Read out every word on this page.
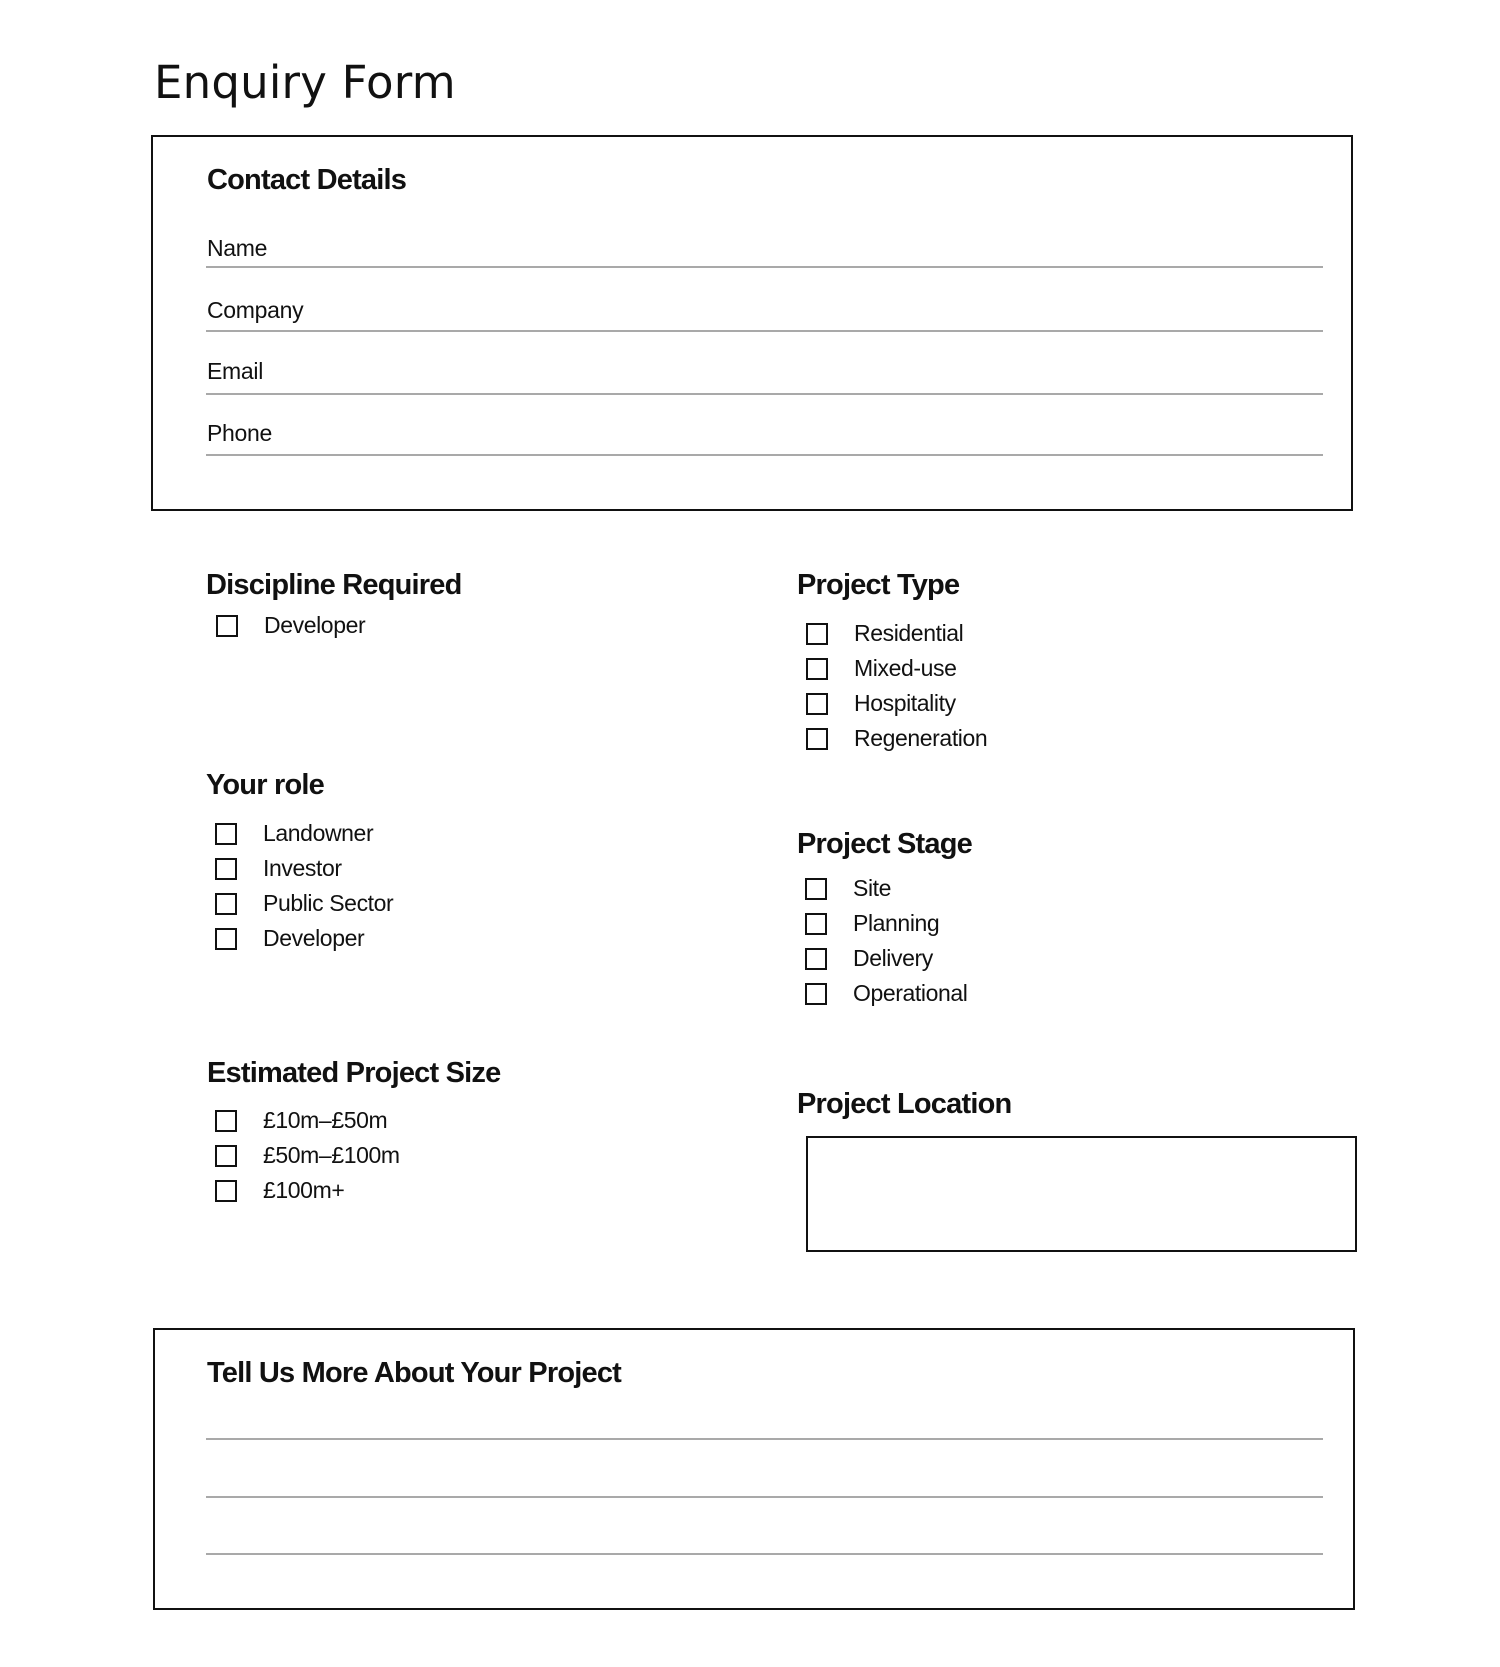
Enquiry Form
Contact Details
Name
Company
Email
Phone
Discipline Required
Developer
Your role
Landowner
Investor
Public Sector
Developer
Estimated Project Size
£10m–£50m
£50m–£100m
£100m+
Project Type
Residential
Mixed-use
Hospitality
Regeneration
Project Stage
Site
Planning
Delivery
Operational
Project Location
Tell Us More About Your Project
